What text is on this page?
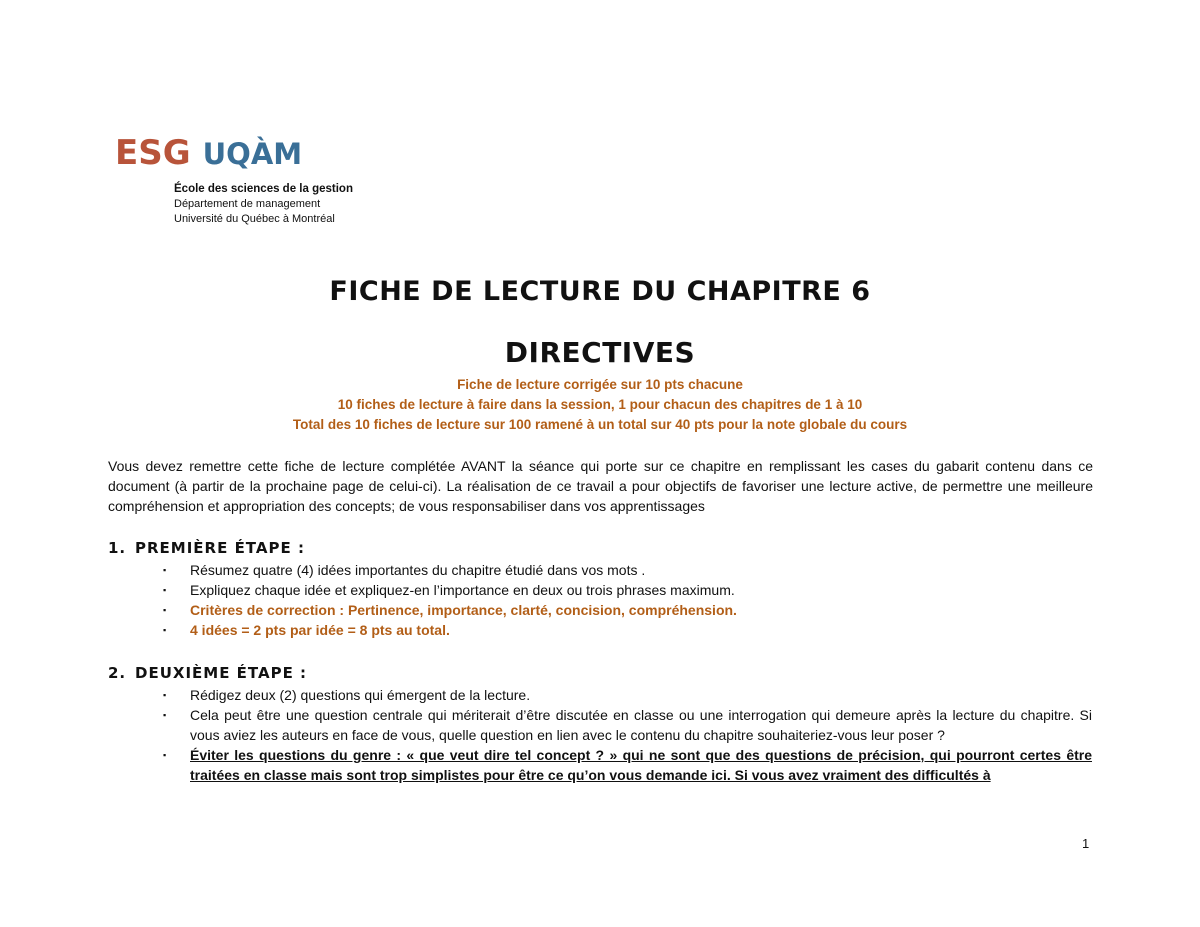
ESG UQÀM
École des sciences de la gestion
Département de management
Université du Québec à Montréal
FICHE DE LECTURE DU CHAPITRE 6
DIRECTIVES
Fiche de lecture corrigée sur 10 pts chacune
10 fiches de lecture à faire dans la session, 1 pour chacun des chapitres de 1 à 10
Total des 10 fiches de lecture sur 100 ramené à un total sur 40 pts pour la note globale du cours
Vous devez remettre cette fiche de lecture complétée AVANT la séance qui porte sur ce chapitre en remplissant les cases du gabarit contenu dans ce document (à partir de la prochaine page de celui-ci). La réalisation de ce travail a pour objectifs de favoriser une lecture active, de permettre une meilleure compréhension et appropriation des concepts; de vous responsabiliser dans vos apprentissages
1. PREMIÈRE ÉTAPE :
▪ Résumez quatre (4) idées importantes du chapitre étudié dans vos mots .
▪ Expliquez chaque idée et expliquez-en l’importance en deux ou trois phrases maximum.
▪ Critères de correction : Pertinence, importance, clarté, concision, compréhension.
▪ 4 idées = 2 pts par idée = 8 pts au total.
2. DEUXIÈME ÉTAPE :
▪ Rédigez deux (2) questions qui émergent de la lecture.
▪ Cela peut être une question centrale qui mériterait d’être discutée en classe ou une interrogation qui demeure après la lecture du chapitre. Si vous aviez les auteurs en face de vous, quelle question en lien avec le contenu du chapitre souhaiteriez-vous leur poser ?
▪ Éviter les questions du genre : « que veut dire tel concept ? » qui ne sont que des questions de précision, qui pourront certes être traitées en classe mais sont trop simplistes pour être ce qu’on vous demande ici. Si vous avez vraiment des difficultés à
1
